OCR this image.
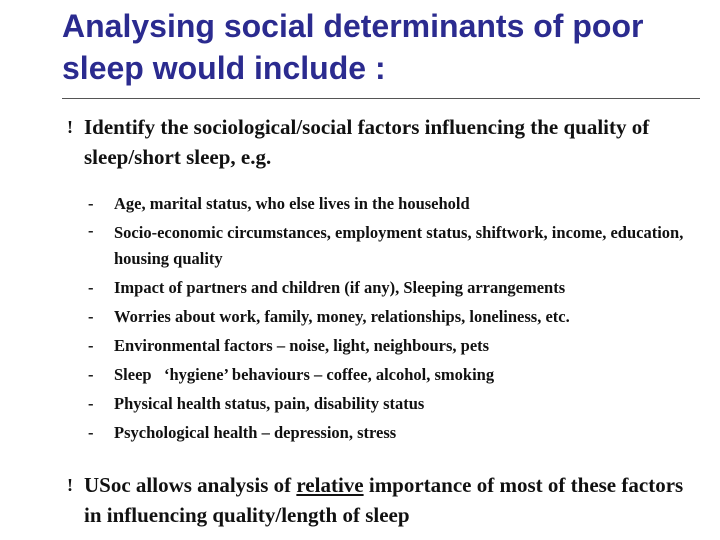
Analysing social determinants of poor sleep would include :
! Identify the sociological/social factors influencing the quality of sleep/short sleep, e.g.
- Age, marital status, who else lives in the household
- Socio-economic circumstances, employment status, shiftwork, income, education, housing quality
- Impact of partners and children (if any), Sleeping arrangements
- Worries about work, family, money, relationships, loneliness, etc.
- Environmental factors – noise, light, neighbours, pets
- Sleep   ‘hygiene’ behaviours – coffee, alcohol, smoking
- Physical health status, pain, disability status
- Psychological health – depression, stress
! USoc allows analysis of relative importance of most of these factors in influencing quality/length of sleep
